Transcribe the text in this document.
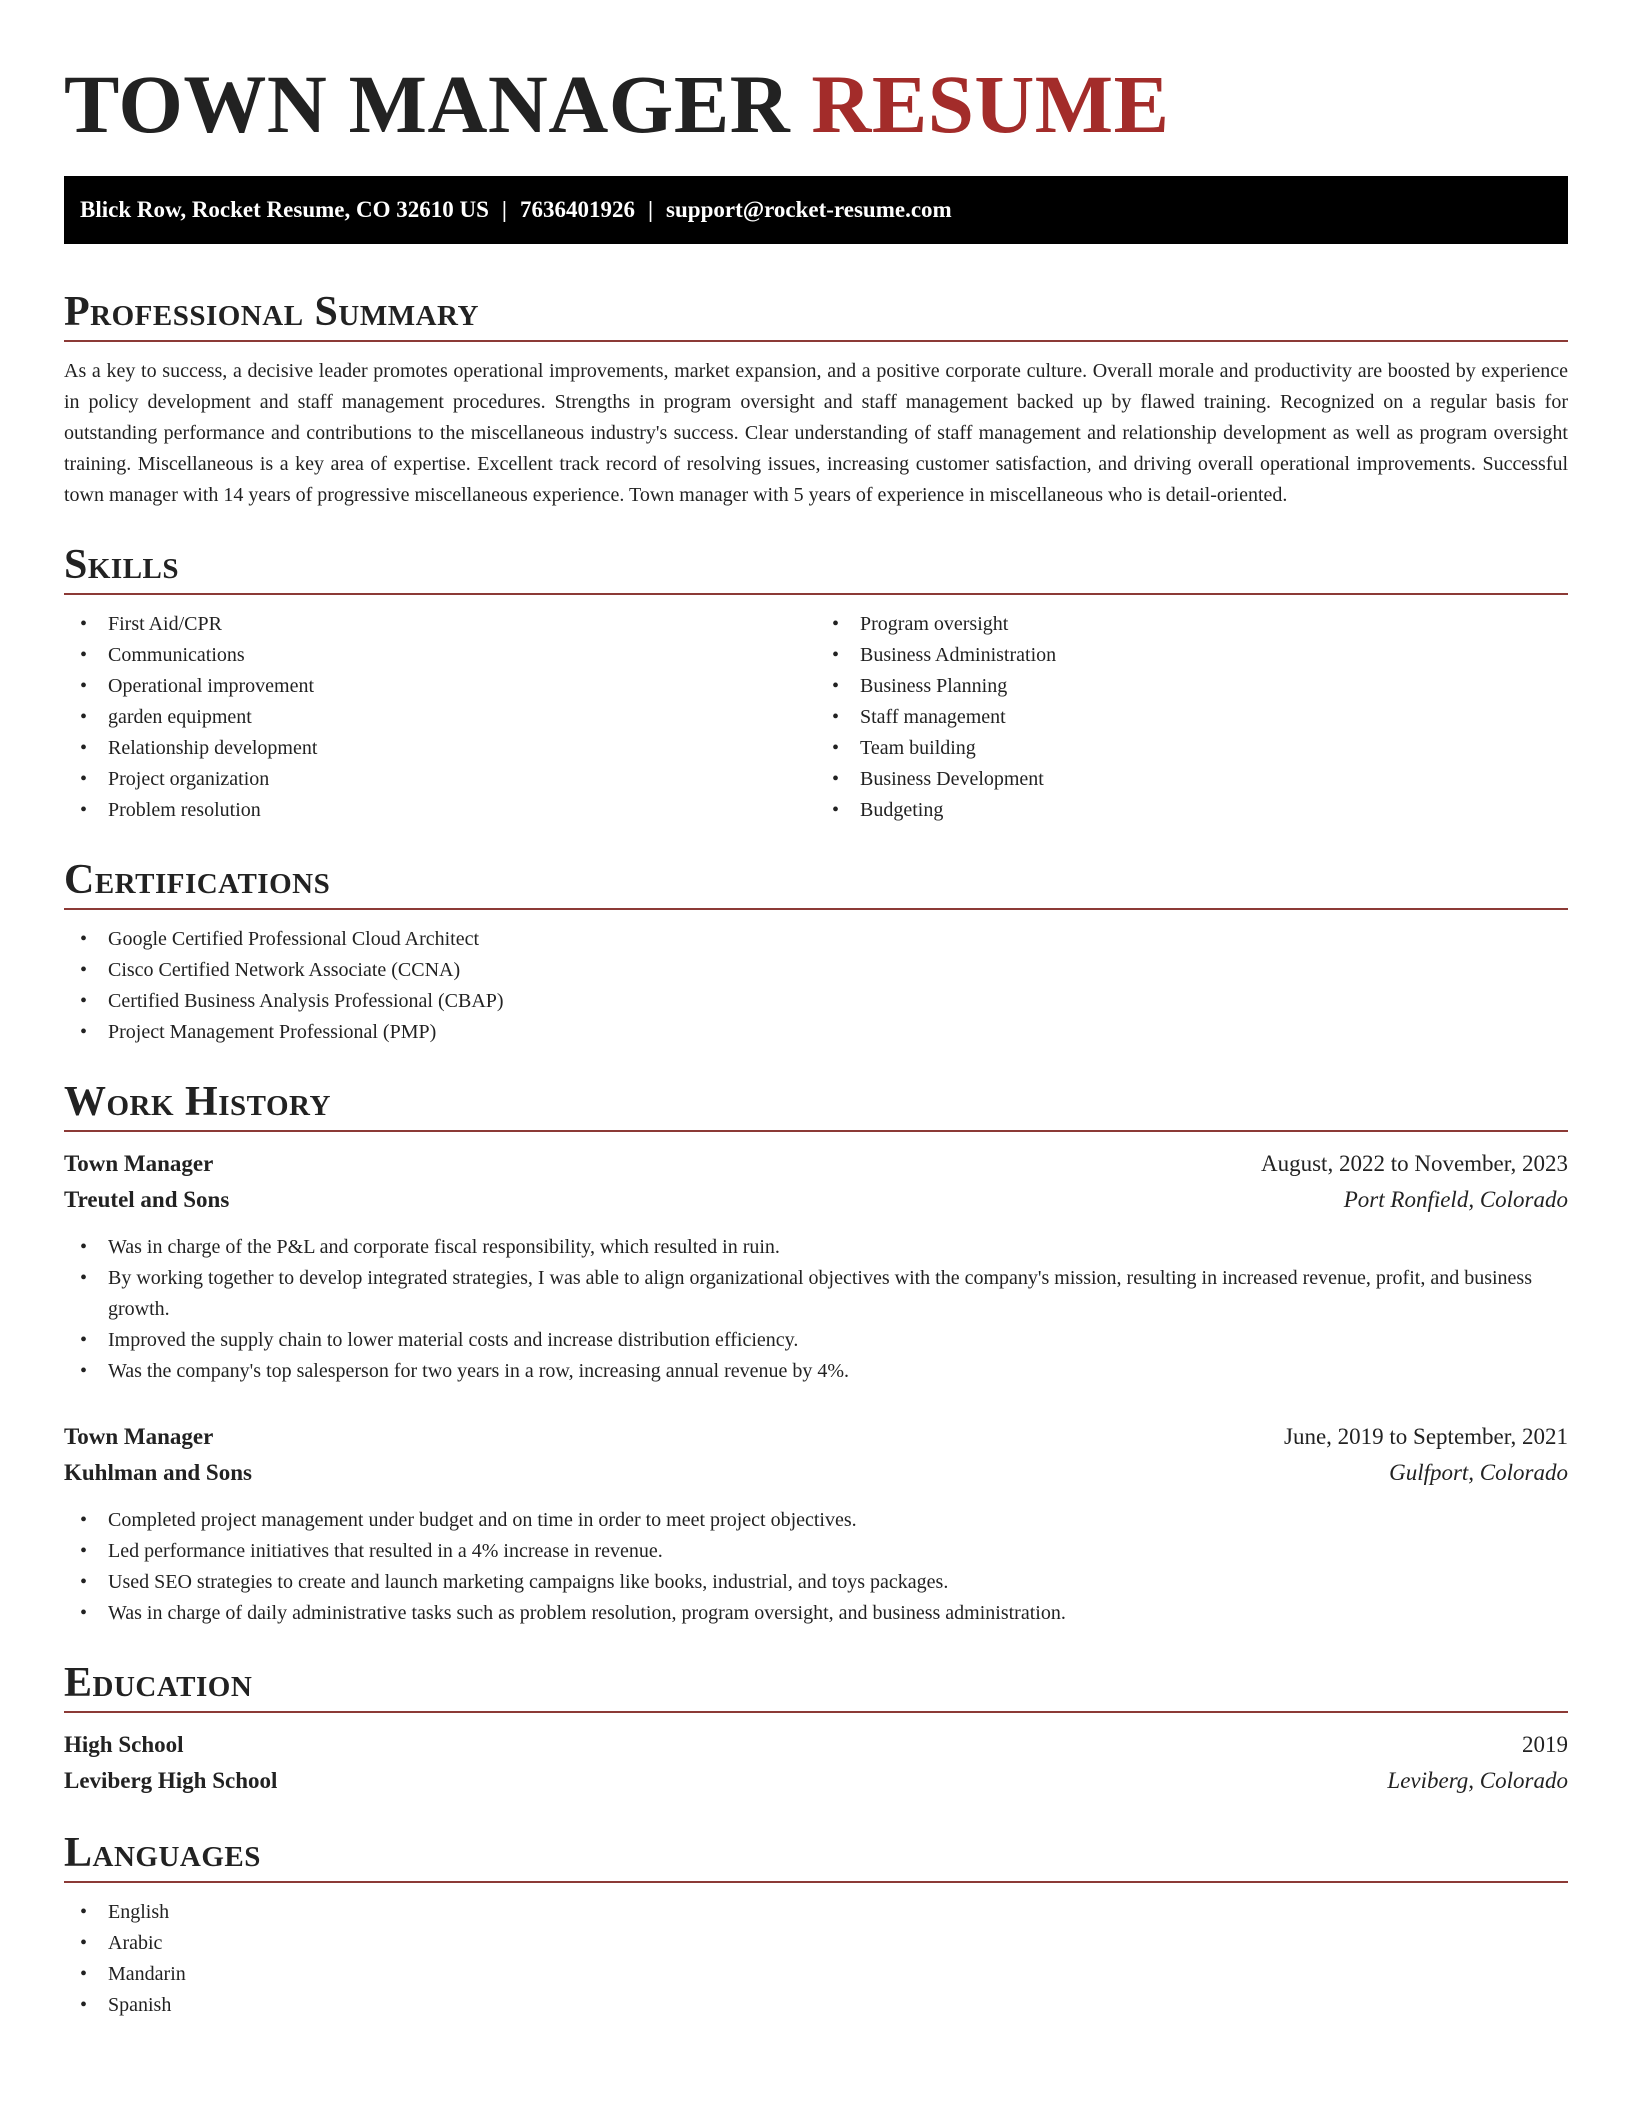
TOWN MANAGER RESUME
Blick Row, Rocket Resume, CO 32610 US | 7636401926 | support@rocket-resume.com
Professional Summary

As a key to success, a decisive leader promotes operational improvements, market expansion, and a positive corporate culture. Overall morale and productivity are boosted by experience in policy development and staff management procedures. Strengths in program oversight and staff management backed up by flawed training. Recognized on a regular basis for outstanding performance and contributions to the miscellaneous industry's success. Clear understanding of staff management and relationship development as well as program oversight training. Miscellaneous is a key area of expertise. Excellent track record of resolving issues, increasing customer satisfaction, and driving overall operational improvements. Successful town manager with 14 years of progressive miscellaneous experience. Town manager with 5 years of experience in miscellaneous who is detail-oriented.

Skills
• First Aid/CPR
• Communications
• Operational improvement
• garden equipment
• Relationship development
• Project organization
• Problem resolution
• Program oversight
• Business Administration
• Business Planning
• Staff management
• Team building
• Business Development
• Budgeting
Certifications
• Google Certified Professional Cloud Architect
• Cisco Certified Network Associate (CCNA)
• Certified Business Analysis Professional (CBAP)
• Project Management Professional (PMP)
Work History
Town Manager	August, 2022 to November, 2023
Treutel and Sons	Port Ronfield, Colorado
• Was in charge of the P&L and corporate fiscal responsibility, which resulted in ruin.
• By working together to develop integrated strategies, I was able to align organizational objectives with the company's mission, resulting in increased revenue, profit, and business growth.
• Improved the supply chain to lower material costs and increase distribution efficiency.
• Was the company's top salesperson for two years in a row, increasing annual revenue by 4%.
Town Manager	June, 2019 to September, 2021
Kuhlman and Sons	Gulfport, Colorado
• Completed project management under budget and on time in order to meet project objectives.
• Led performance initiatives that resulted in a 4% increase in revenue.
• Used SEO strategies to create and launch marketing campaigns like books, industrial, and toys packages.
• Was in charge of daily administrative tasks such as problem resolution, program oversight, and business administration.
Education
High School	2019
Leviberg High School	Leviberg, Colorado
Languages
• English
• Arabic
• Mandarin
• Spanish
